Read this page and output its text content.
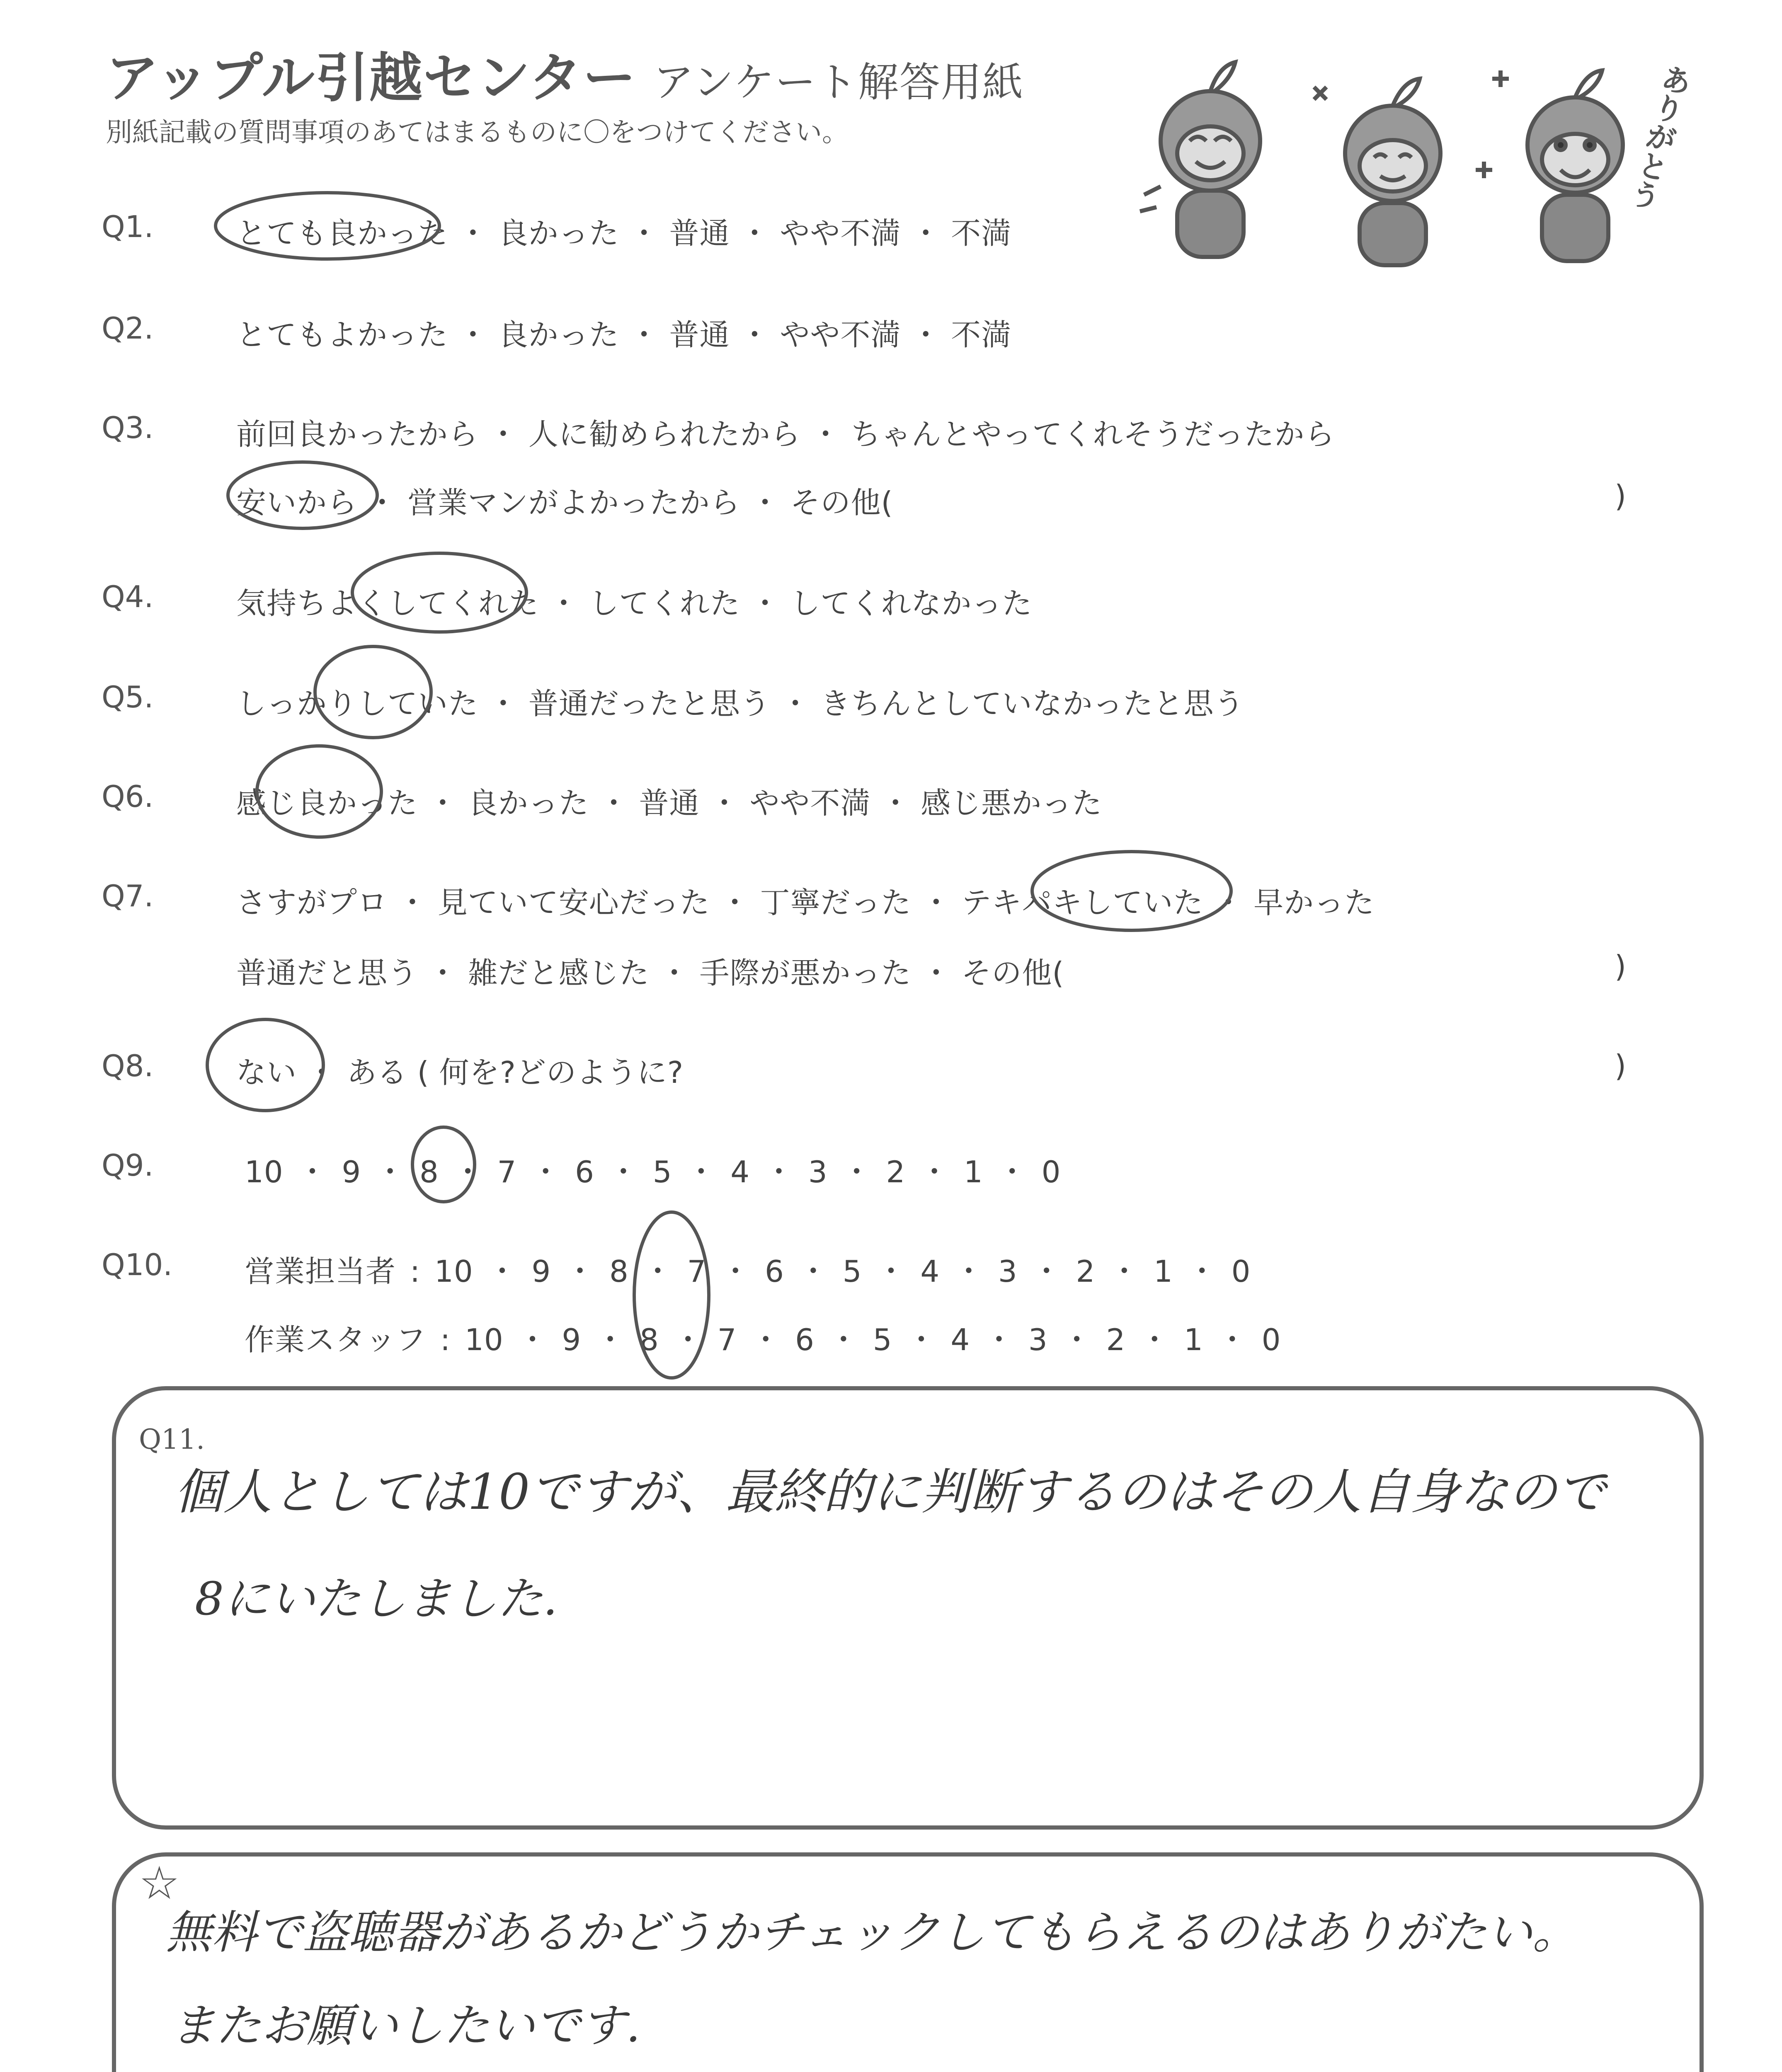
アップル引越センター アンケート解答用紙
別紙記載の質問事項のあてはまるものに〇をつけてください。	ありがとう
Q1.	とても良かった ・ 良かった ・ 普通 ・ やや不満 ・ 不満
Q2.	とてもよかった ・ 良かった ・ 普通 ・ やや不満 ・ 不満
Q3.	前回良かったから ・ 人に勧められたから ・ ちゃんとやってくれそうだったから
安いから ・ 営業マンがよかったから ・ その他(	)
Q4.	気持ちよくしてくれた ・ してくれた ・ してくれなかった
Q5.	しっかりしていた ・ 普通だったと思う ・ きちんとしていなかったと思う
Q6.	感じ良かった ・ 良かった ・ 普通 ・ やや不満 ・ 感じ悪かった
Q7.	さすがプロ ・ 見ていて安心だった ・ 丁寧だった ・ テキパキしていた ・ 早かった
普通だと思う ・ 雑だと感じた ・ 手際が悪かった ・ その他(	)
Q8.	ない ・ ある ( 何を?どのように?	)
Q9.	10 ・ 9 ・ 8 ・ 7 ・ 6 ・ 5 ・ 4 ・ 3 ・ 2 ・ 1 ・ 0
Q10. 営業担当者 : 10 ・ 9 ・ 8 ・ 7 ・ 6 ・ 5 ・ 4 ・ 3 ・ 2 ・ 1 ・ 0
作業スタッフ : 10 ・ 9 ・ 8 ・ 7 ・ 6 ・ 5 ・ 4 ・ 3 ・ 2 ・ 1 ・ 0
Q11.
個人としては10ですが、最終的に判断するのはその人自身なので
8にいたしました.
☆
無料で盗聴器があるかどうかチェックしてもらえるのはありがたい。
またお願いしたいです.
